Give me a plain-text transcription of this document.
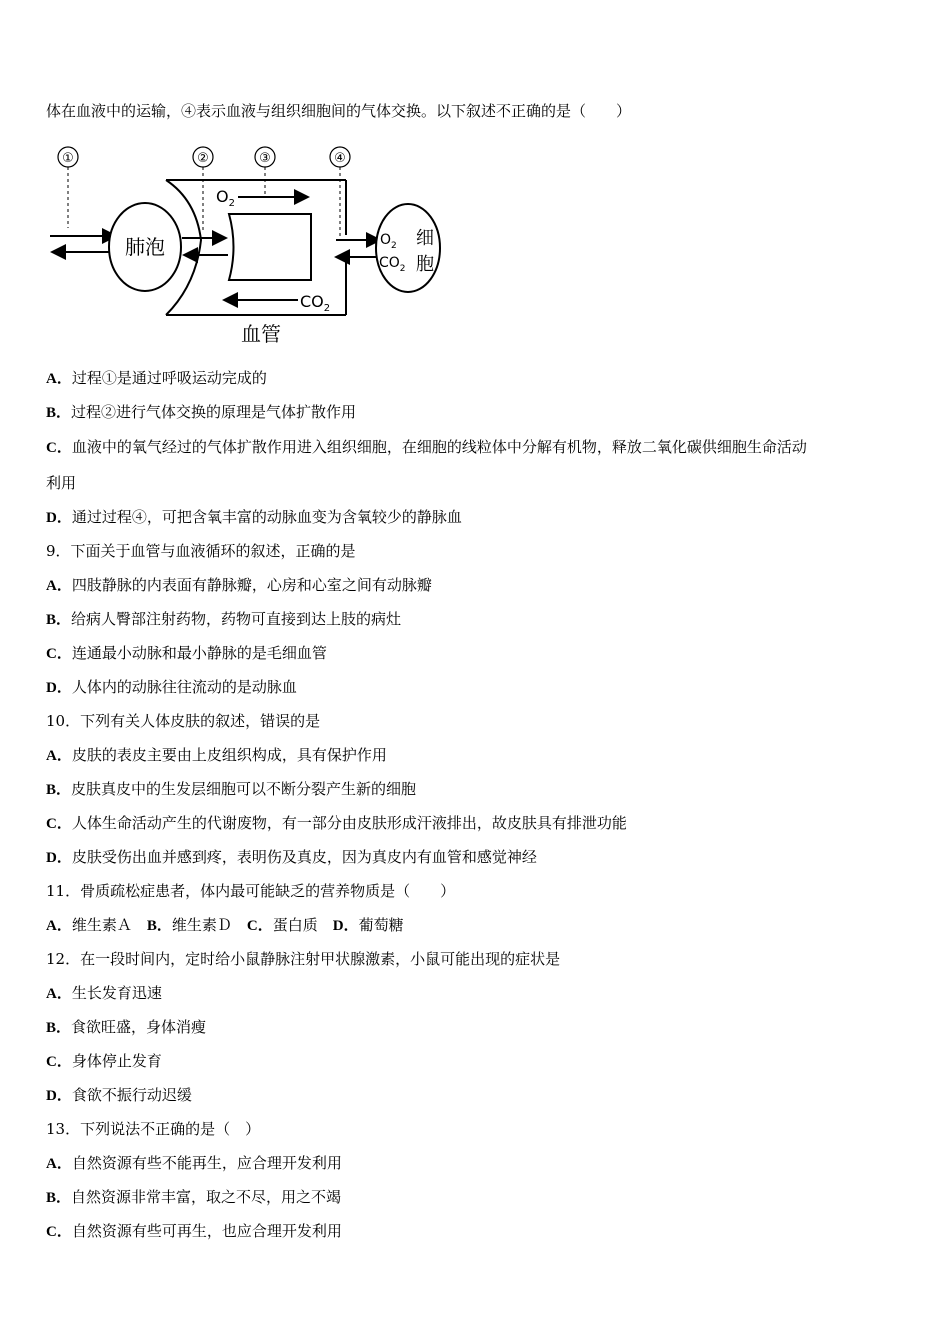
体在血液中的运输，④表示血液与组织细胞间的气体交换。以下叙述不正确的是（　　）
①	②	③	④
肺泡
$O_2$
$CO_2$
$O_2$ 细
$CO_2$ 胞
血管
A．过程①是通过呼吸运动完成的
B．过程②进行气体交换的原理是气体扩散作用
C．血液中的氧气经过的气体扩散作用进入组织细胞，在细胞的线粒体中分解有机物，释放二氧化碳供细胞生命活动
利用
D．通过过程④，可把含氧丰富的动脉血变为含氧较少的静脉血
9．下面关于血管与血液循环的叙述，正确的是
A．四肢静脉的内表面有静脉瓣，心房和心室之间有动脉瓣
B．给病人臀部注射药物，药物可直接到达上肢的病灶
C．连通最小动脉和最小静脉的是毛细血管
D．人体内的动脉往往流动的是动脉血
10．下列有关人体皮肤的叙述，错误的是
A．皮肤的表皮主要由上皮组织构成，具有保护作用
B．皮肤真皮中的生发层细胞可以不断分裂产生新的细胞
C．人体生命活动产生的代谢废物，有一部分由皮肤形成汗液排出，故皮肤具有排泄功能
D．皮肤受伤出血并感到疼，表明伤及真皮，因为真皮内有血管和感觉神经
11．骨质疏松症患者，体内最可能缺乏的营养物质是（　　）
A．维生素Ａ　B．维生素Ｄ　C．蛋白质　D．葡萄糖
12．在一段时间内，定时给小鼠静脉注射甲状腺激素，小鼠可能出现的症状是
A．生长发育迅速
B．食欲旺盛，身体消瘦
C．身体停止发育
D．食欲不振行动迟缓
13．下列说法不正确的是（　）
A．自然资源有些不能再生，应合理开发利用
B．自然资源非常丰富，取之不尽，用之不竭
C．自然资源有些可再生，也应合理开发利用
